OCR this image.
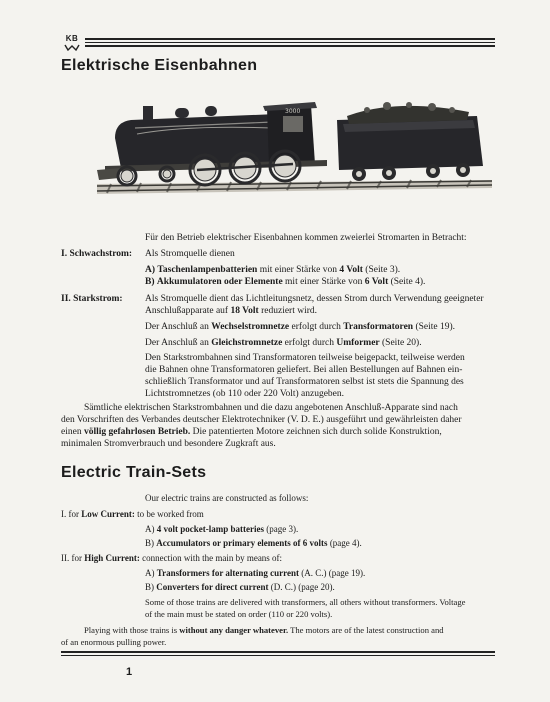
KB
Elektrische Eisenbahnen
3000
Für den Betrieb elektrischer Eisenbahnen kommen zweierlei Stromarten in Betracht:
I. Schwachstrom: Als Stromquelle dienen
A) Taschenlampenbatterien mit einer Stärke von 4 Volt (Seite 3).
B) Akkumulatoren oder Elemente mit einer Stärke von 6 Volt (Seite 4).
II. Starkstrom: Als Stromquelle dient das Lichtleitungsnetz, dessen Strom durch Verwendung geeigneter
Anschlußapparate auf 18 Volt reduziert wird.
Der Anschluß an Wechselstromnetze erfolgt durch Transformatoren (Seite 19).
Der Anschluß an Gleichstromnetze erfolgt durch Umformer (Seite 20).
Den Starkstrombahnen sind Transformatoren teilweise beigepackt, teilweise werden
die Bahnen ohne Transformatoren geliefert. Bei allen Bestellungen auf Bahnen ein-
schließlich Transformator und auf Transformatoren selbst ist stets die Spannung des
Lichtstromnetzes (ob 110 oder 220 Volt) anzugeben.
Sämtliche elektrischen Starkstrombahnen und die dazu angebotenen Anschluß-Apparate sind nach
den Vorschriften des Verbandes deutscher Elektrotechniker (V. D. E.) ausgeführt und gewährleisten daher
einen völlig gefahrlosen Betrieb. Die patentierten Motore zeichnen sich durch solide Konstruktion,
minimalen Stromverbrauch und besondere Zugkraft aus.
Electric Train-Sets
Our electric trains are constructed as follows:
I. for Low Current: to be worked from
A) 4 volt pocket-lamp batteries (page 3).
B) Accumulators or primary elements of 6 volts (page 4).
II. for High Current: connection with the main by means of:
A) Transformers for alternating current (A. C.) (page 19).
B) Converters for direct current (D. C.) (page 20).
Some of those trains are delivered with transformers, all others without transformers. Voltage
of the main must be stated on order (110 or 220 volts).
Playing with those trains is without any danger whatever. The motors are of the latest construction and
of an enormous pulling power.
1
